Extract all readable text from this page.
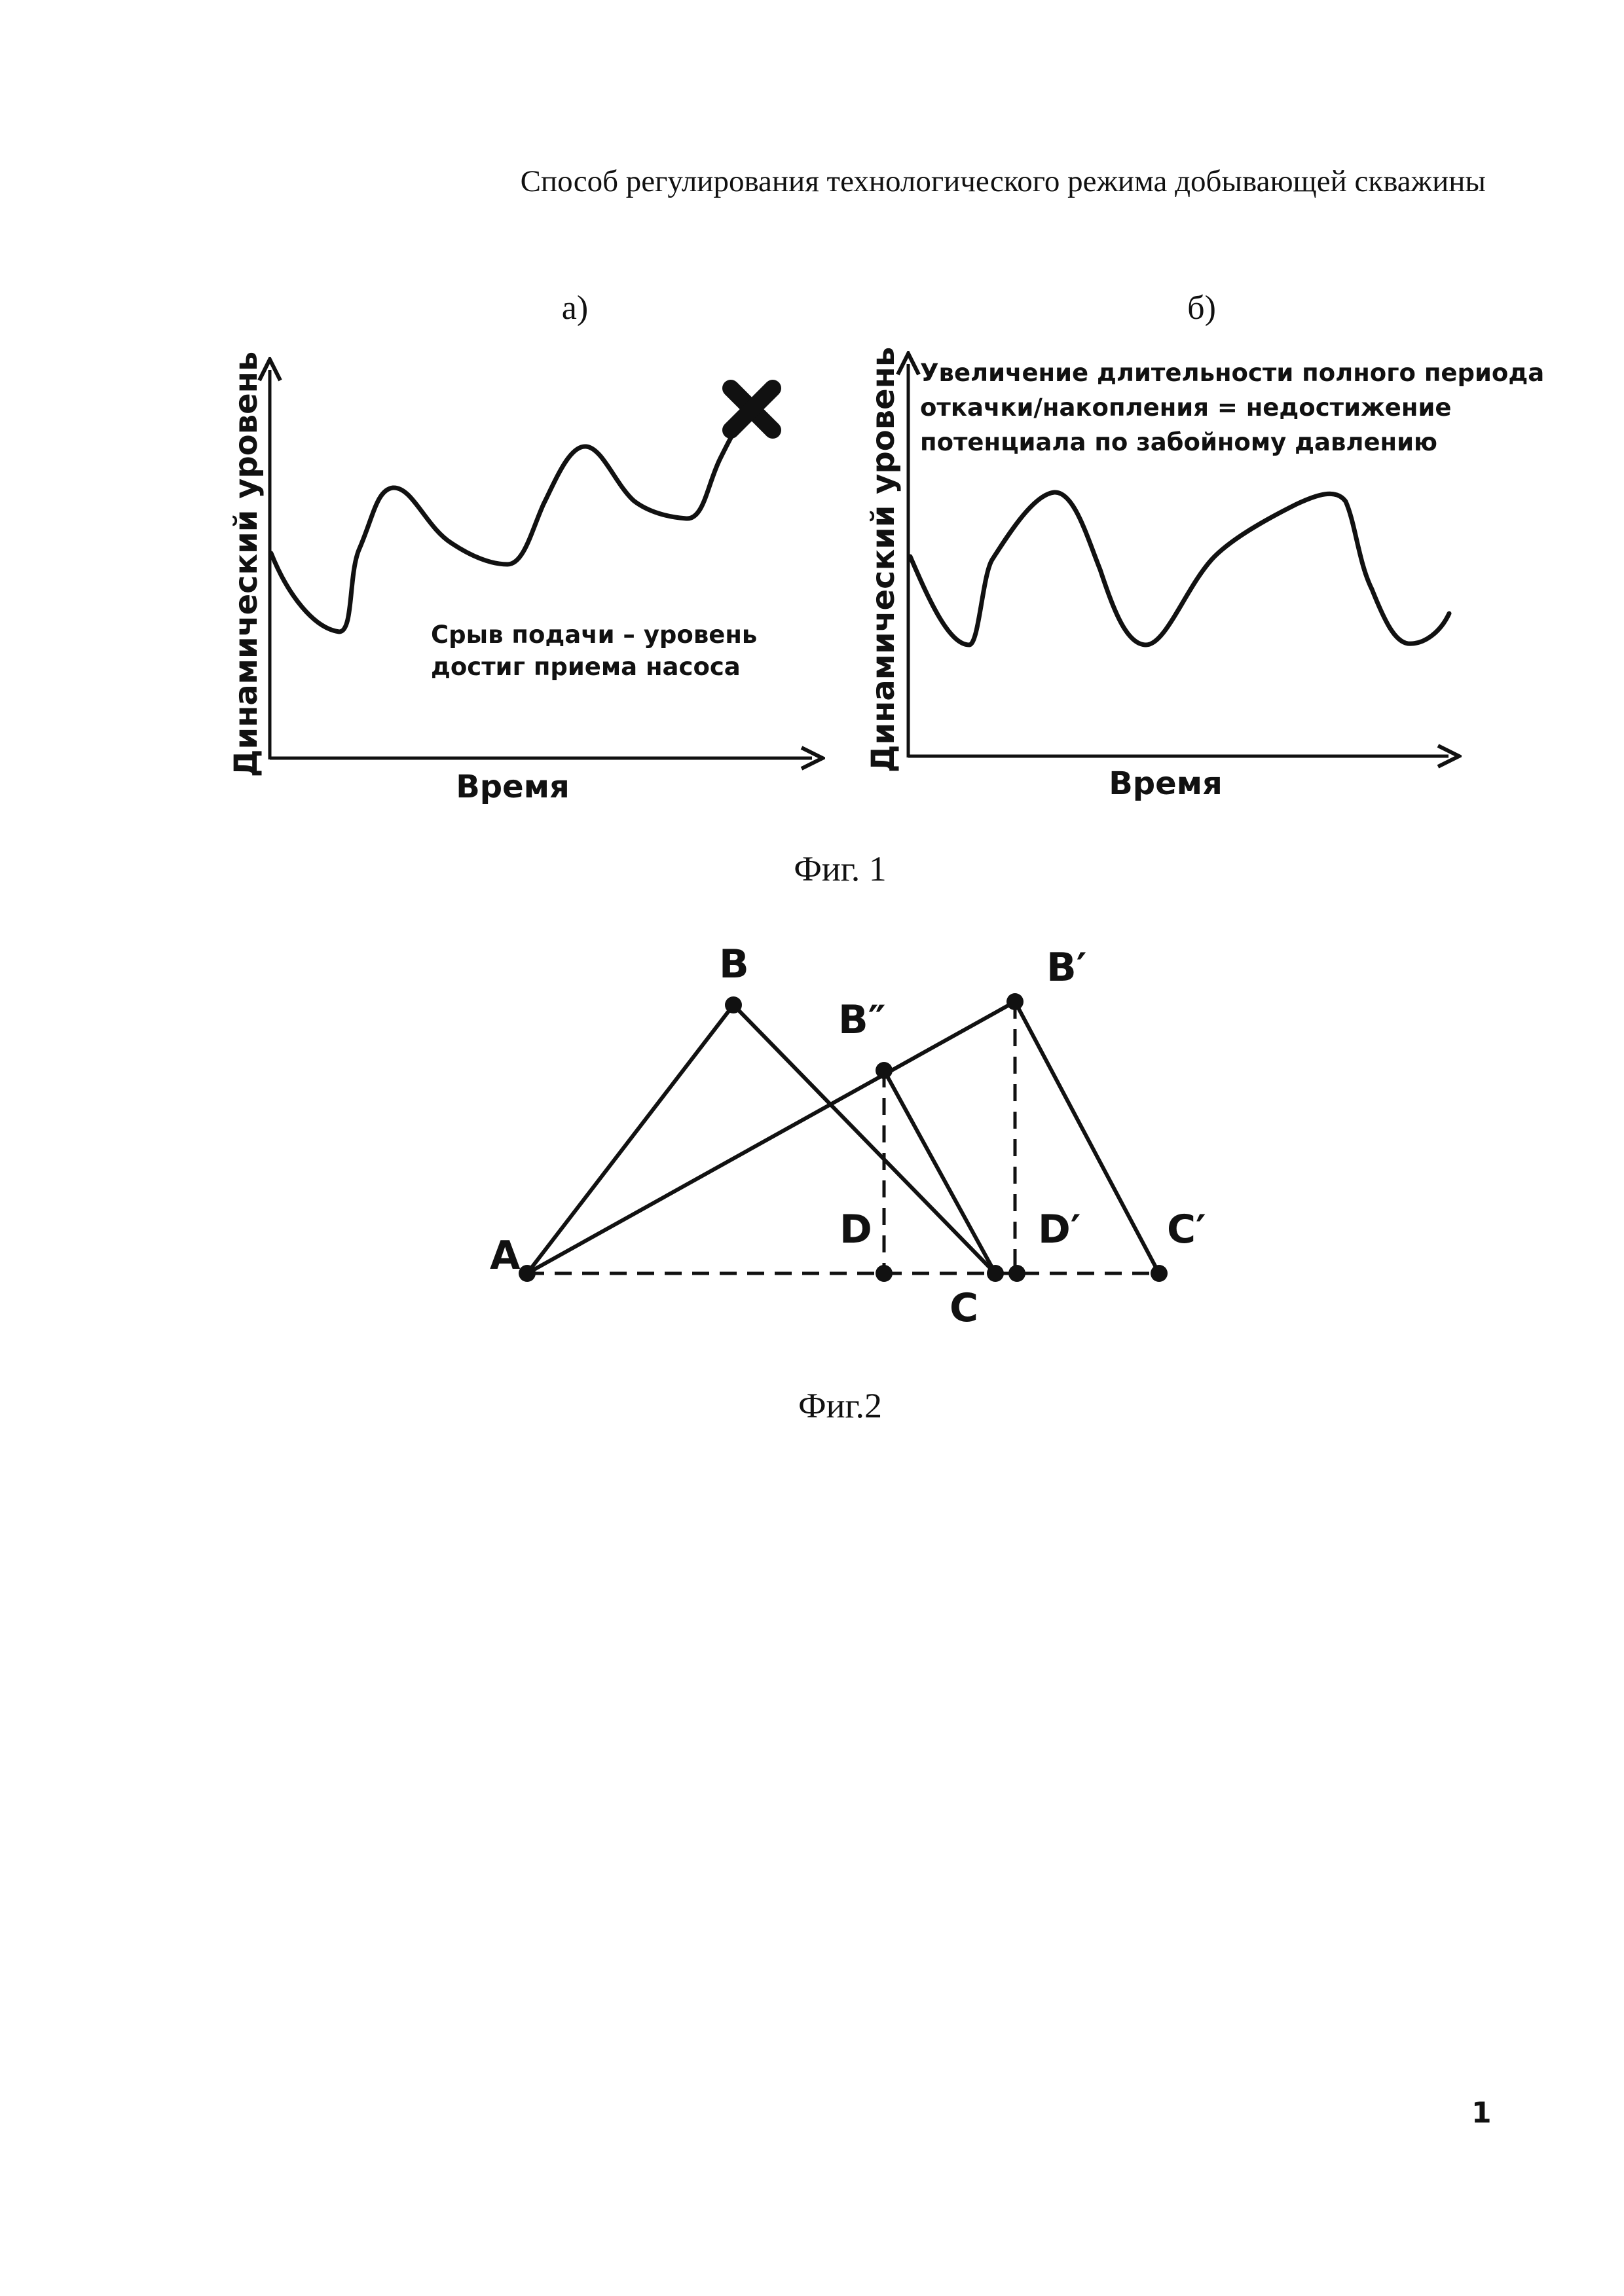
Способ регулирования технологического режима добывающей скважины
а)
Динамический уровень
Время
Срыв подачи – уровень
достиг приема насоса
б)
Динамический уровень
Время
Увеличение длительности полного периода
откачки/накопления = недостижение
потенциала по забойному давлению
Фиг. 1
A
B
B″
B′
D	D′ C′
C
Фиг.2
1
